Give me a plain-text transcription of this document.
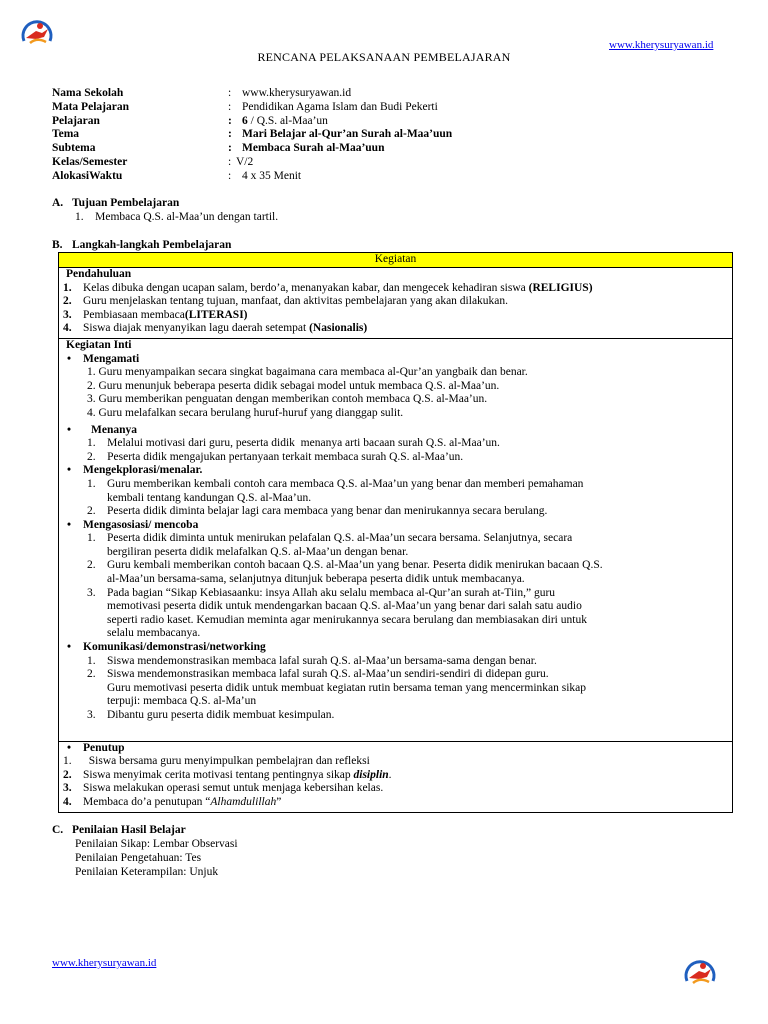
www.kherysuryawan.id
www.kherysuryawan.id
RENCANA PELAKSANAAN PEMBELAJARAN
Nama Sekolah	: www.kherysuryawan.id
Mata Pelajaran	: Pendidikan Agama Islam dan Budi Pekerti
Pelajaran	: 6 / Q.S. al-Maa’un
Tema	: Mari Belajar al-Qur’an Surah al-Maa’uun
Subtema	: Membaca Surah al-Maa’uun
Kelas/Semester	: V/2
AlokasiWaktu	: 4 x 35 Menit
A. Tujuan Pembelajaran
1.    Membaca Q.S. al-Maa’un dengan tartil.
B. Langkah-langkah Pembelajaran
Kegiatan

Pendahuluan
1. Kelas dibuka dengan ucapan salam, berdo’a, menanyakan kabar, dan mengecek kehadiran siswa (RELIGIUS)
2. Guru menjelaskan tentang tujuan, manfaat, dan aktivitas pembelajaran yang akan dilakukan.
3. Pembiasaan membaca(LITERASI)
4. Siswa diajak menyanyikan lagu daerah setempat (Nasionalis)

Kegiatan Inti
• Mengamati
1. Guru menyampaikan secara singkat bagaimana cara membaca al-Qur’an yangbaik dan benar.
2. Guru menunjuk beberapa peserta didik sebagai model untuk membaca Q.S. al-Maa’un.
3. Guru memberikan penguatan dengan memberikan contoh membaca Q.S. al-Maa’un.
4. Guru melafalkan secara berulang huruf-huruf yang dianggap sulit.
• Menanya
1.    Melalui motivasi dari guru, peserta didik  menanya arti bacaan surah Q.S. al-Maa’un.
2.    Peserta didik mengajukan pertanyaan terkait membaca surah Q.S. al-Maa’un.
• Mengekplorasi/menalar.
1. Guru memberikan kembali contoh cara membaca Q.S. al-Maa’un yang benar dan memberi pemahaman
kembali tentang kandungan Q.S. al-Maa’un.
2. Peserta didik diminta belajar lagi cara membaca yang benar dan menirukannya secara berulang.
• Mengasosiasi/ mencoba
1. Peserta didik diminta untuk menirukan pelafalan Q.S. al-Maa’un secara bersama. Selanjutnya, secara
bergiliran peserta didik melafalkan Q.S. al-Maa’un dengan benar.
2. Guru kembali memberikan contoh bacaan Q.S. al-Maa’un yang benar. Peserta didik menirukan bacaan Q.S.
al-Maa’un bersama-sama, selanjutnya ditunjuk beberapa peserta didik untuk membacanya.
3. Pada bagian “Sikap Kebiasaanku: insya Allah aku selalu membaca al-Qur’an surah at-Tiin,” guru
memotivasi peserta didik untuk mendengarkan bacaan Q.S. al-Maa’un yang benar dari salah satu audio
seperti radio kaset. Kemudian meminta agar menirukannya secara berulang dan membiasakan diri untuk
selalu membacanya.
• Komunikasi/demonstrasi/networking
1. Siswa mendemonstrasikan membaca lafal surah Q.S. al-Maa’un bersama-sama dengan benar.
2. Siswa mendemonstrasikan membaca lafal surah Q.S. al-Maa’un sendiri-sendiri di didepan guru.
Guru memotivasi peserta didik untuk membuat kegiatan rutin bersama teman yang mencerminkan sikap
terpuji: membaca Q.S. al-Ma’un
3. Dibantu guru peserta didik membuat kesimpulan.

• Penutup
1.  Siswa bersama guru menyimpulkan pembelajran dan refleksi
2. Siswa menyimak cerita motivasi tentang pentingnya sikap disiplin.
3. Siswa melakukan operasi semut untuk menjaga kebersihan kelas.
4. Membaca do’a penutupan “Alhamdulillah”
C. Penilaian Hasil Belajar
Penilaian Sikap: Lembar Observasi
Penilaian Pengetahuan: Tes
Penilaian Keterampilan: Unjuk
